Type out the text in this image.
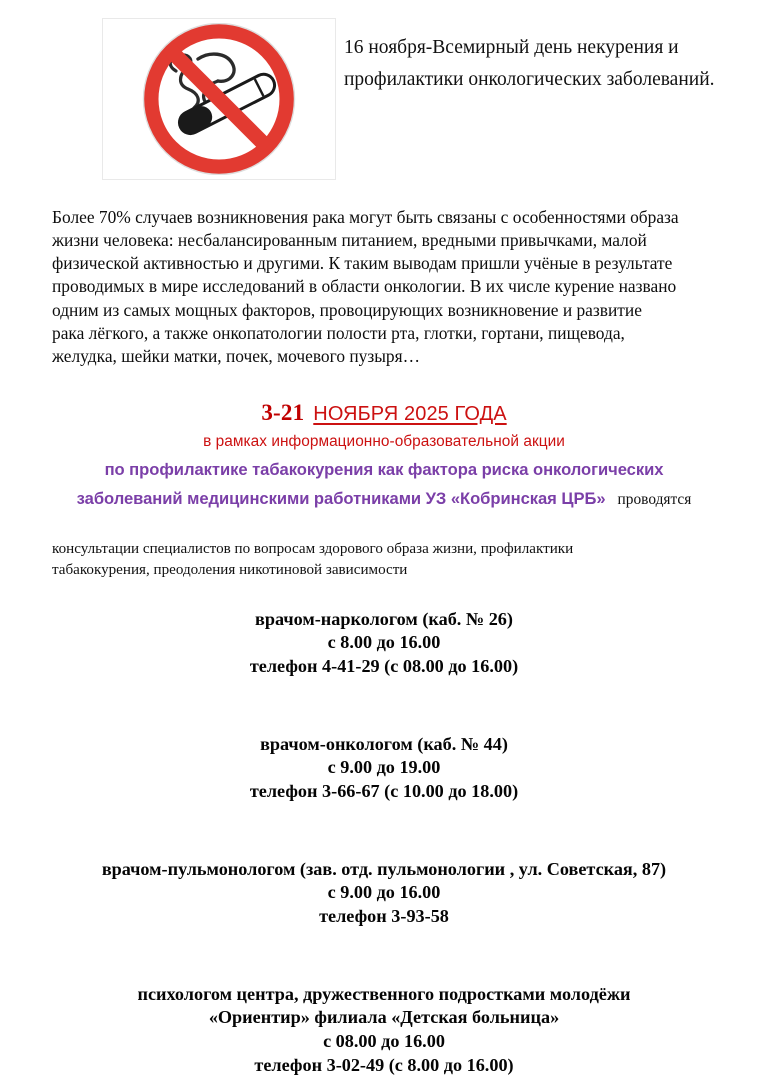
16 ноября-Всемирный день некурения и профилактики онкологических заболеваний.
Более 70% случаев возникновения рака могут быть связаны с особенностями образа
жизни человека: несбалансированным питанием, вредными привычками, малой
физической активностью и другими. К таким выводам пришли учёные в результате
проводимых в мире исследований в области онкологии. В их числе курение названо
одним из самых мощных факторов, провоцирующих возникновение и развитие
рака лёгкого, а также онкопатологии полости рта, глотки, гортани, пищевода,
желудка, шейки матки, почек, мочевого пузыря…
3-21 НОЯБРЯ 2025 ГОДА
в рамках информационно-образовательной акции
по профилактике табакокурения как фактора риска онкологических
заболеваний медицинскими работниками УЗ «Кобринская ЦРБ» проводятся
консультации специалистов по вопросам здорового образа жизни, профилактики
табакокурения, преодоления никотиновой зависимости
врачом-наркологом (каб. № 26)
с 8.00 до 16.00
телефон 4-41-29 (с 08.00 до 16.00)
врачом-онкологом (каб. № 44)
с 9.00 до 19.00
телефон 3-66-67 (с 10.00 до 18.00)
врачом-пульмонологом (зав. отд. пульмонологии , ул. Советская, 87)
с 9.00 до 16.00
телефон 3-93-58
психологом центра, дружественного подростками молодёжи
«Ориентир» филиала «Детская больница»
с 08.00 до 16.00
телефон 3-02-49 (с 8.00 до 16.00)
